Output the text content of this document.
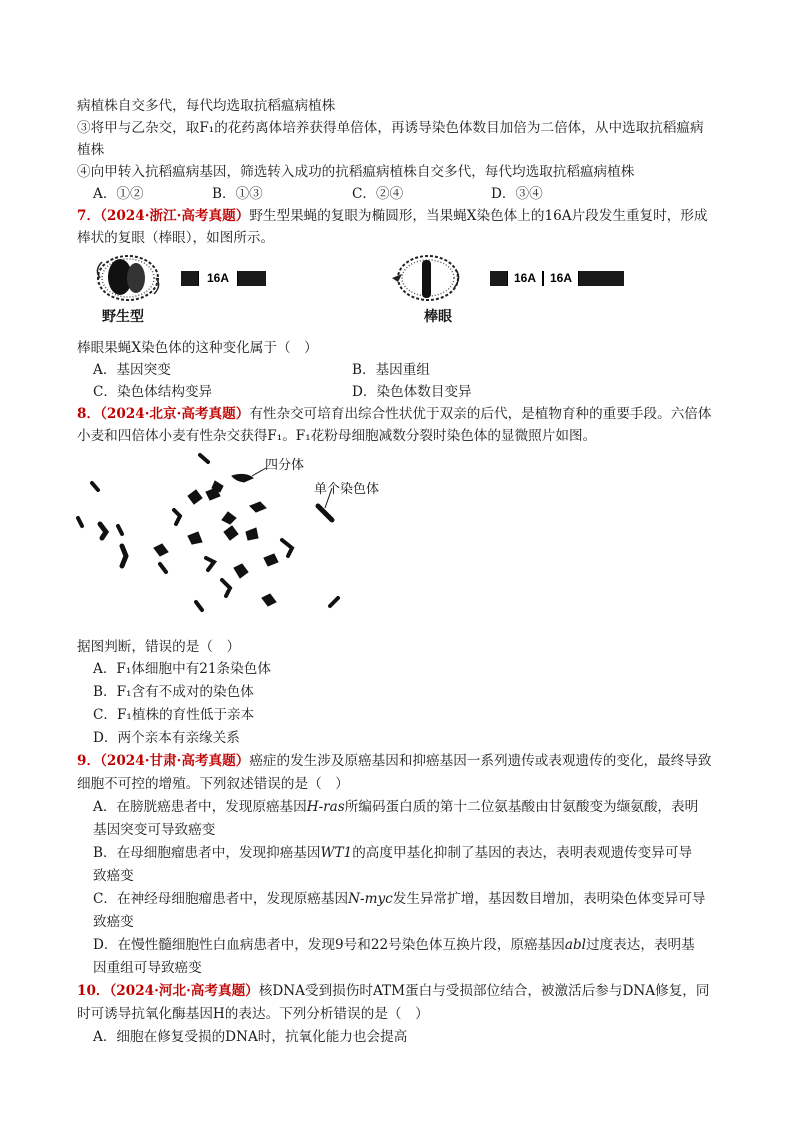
病植株自交多代，每代均选取抗稻瘟病植株
③将甲与乙杂交，取F₁的花药离体培养获得单倍体，再诱导染色体数目加倍为二倍体，从中选取抗稻瘟病
植株
④向甲转入抗稻瘟病基因，筛选转入成功的抗稻瘟病植株自交多代，每代均选取抗稻瘟病植株
A．①②	B．①③	C．②④	D．③④
7．（2024·浙江·高考真题）野生型果蝇的复眼为椭圆形，当果蝇X染色体上的16A片段发生重复时，形成
棒状的复眼（棒眼），如图所示。
野生型
16A
棒眼
16A	16A
棒眼果蝇X染色体的这种变化属于（　）
A．基因突变	B．基因重组
C．染色体结构变异	D．染色体数目变异
8．（2024·北京·高考真题）有性杂交可培育出综合性状优于双亲的后代，是植物育种的重要手段。六倍体
小麦和四倍体小麦有性杂交获得F₁。F₁花粉母细胞减数分裂时染色体的显微照片如图。
四分体
单个染色体
据图判断，错误的是（　）
A．F₁体细胞中有21条染色体
B．F₁含有不成对的染色体
C．F₁植株的育性低于亲本
D．两个亲本有亲缘关系
9．（2024·甘肃·高考真题）癌症的发生涉及原癌基因和抑癌基因一系列遗传或表观遗传的变化，最终导致
细胞不可控的增殖。下列叙述错误的是（　）
A．在膀胱癌患者中，发现原癌基因H-ras所编码蛋白质的第十二位氨基酸由甘氨酸变为缬氨酸，表明
基因突变可导致癌变
B．在母细胞瘤患者中，发现抑癌基因WT1的高度甲基化抑制了基因的表达，表明表观遗传变异可导
致癌变
C．在神经母细胞瘤患者中，发现原癌基因N-myc发生异常扩增，基因数目增加，表明染色体变异可导
致癌变
D．在慢性髓细胞性白血病患者中，发现9号和22号染色体互换片段，原癌基因abl过度表达，表明基
因重组可导致癌变
10．（2024·河北·高考真题）核DNA受到损伤时ATM蛋白与受损部位结合，被激活后参与DNA修复，同
时可诱导抗氧化酶基因H的表达。下列分析错误的是（　）
A．细胞在修复受损的DNA时，抗氧化能力也会提高
